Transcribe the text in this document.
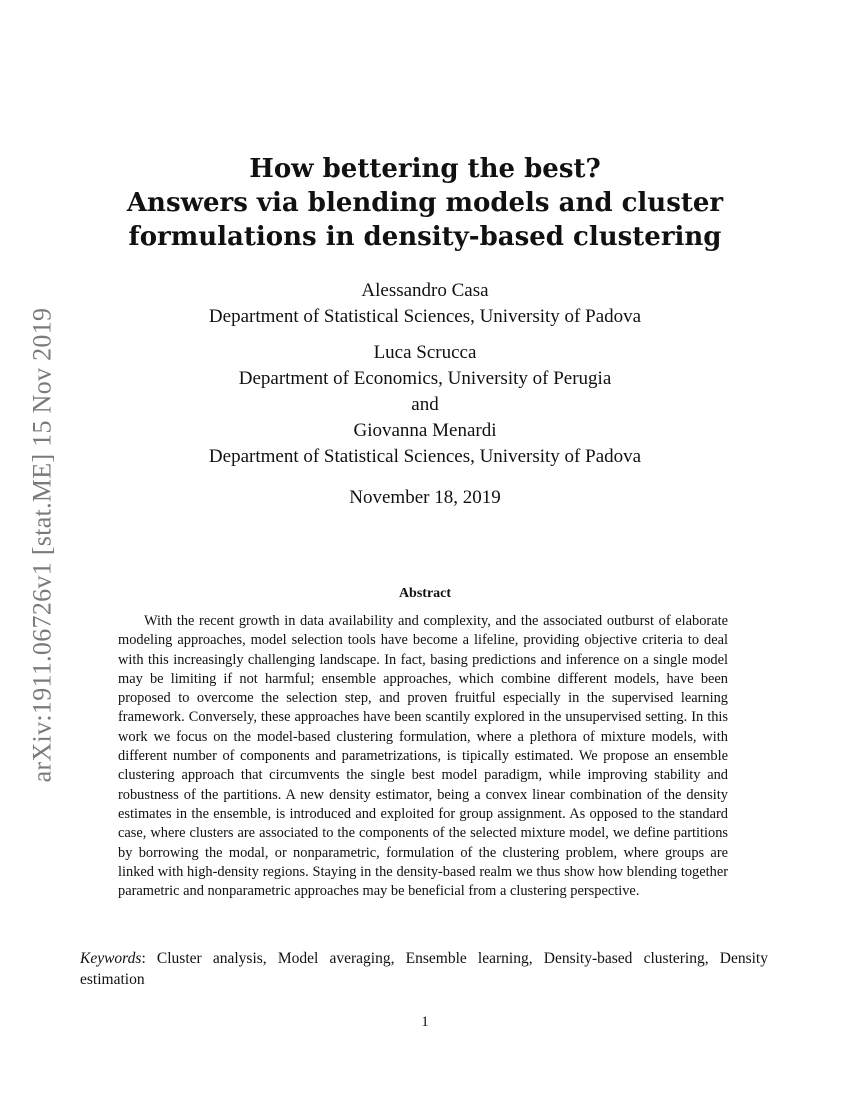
arXiv:1911.06726v1 [stat.ME] 15 Nov 2019
How bettering the best?
Answers via blending models and cluster
formulations in density-based clustering
Alessandro Casa
Department of Statistical Sciences, University of Padova
Luca Scrucca
Department of Economics, University of Perugia
and
Giovanna Menardi
Department of Statistical Sciences, University of Padova
November 18, 2019
Abstract
With the recent growth in data availability and complexity, and the associated outburst of elaborate modeling approaches, model selection tools have become a lifeline, providing objective criteria to deal with this increasingly challenging landscape. In fact, basing predictions and inference on a single model may be limiting if not harmful; ensemble approaches, which combine different models, have been proposed to overcome the selection step, and proven fruitful especially in the supervised learning framework. Conversely, these approaches have been scantily explored in the unsupervised setting. In this work we focus on the model-based clustering formulation, where a plethora of mixture models, with different number of components and parametrizations, is tipically estimated. We propose an ensemble clustering approach that circumvents the single best model paradigm, while improving stability and robustness of the partitions. A new density estimator, being a convex linear combination of the density estimates in the ensemble, is introduced and exploited for group assignment. As opposed to the standard case, where clusters are associated to the components of the selected mixture model, we define partitions by borrowing the modal, or nonparametric, formulation of the clustering problem, where groups are linked with high-density regions. Staying in the density-based realm we thus show how blending together parametric and nonparametric approaches may be beneficial from a clustering perspective.
Keywords: Cluster analysis, Model averaging, Ensemble learning, Density-based clustering, Density estimation
1
